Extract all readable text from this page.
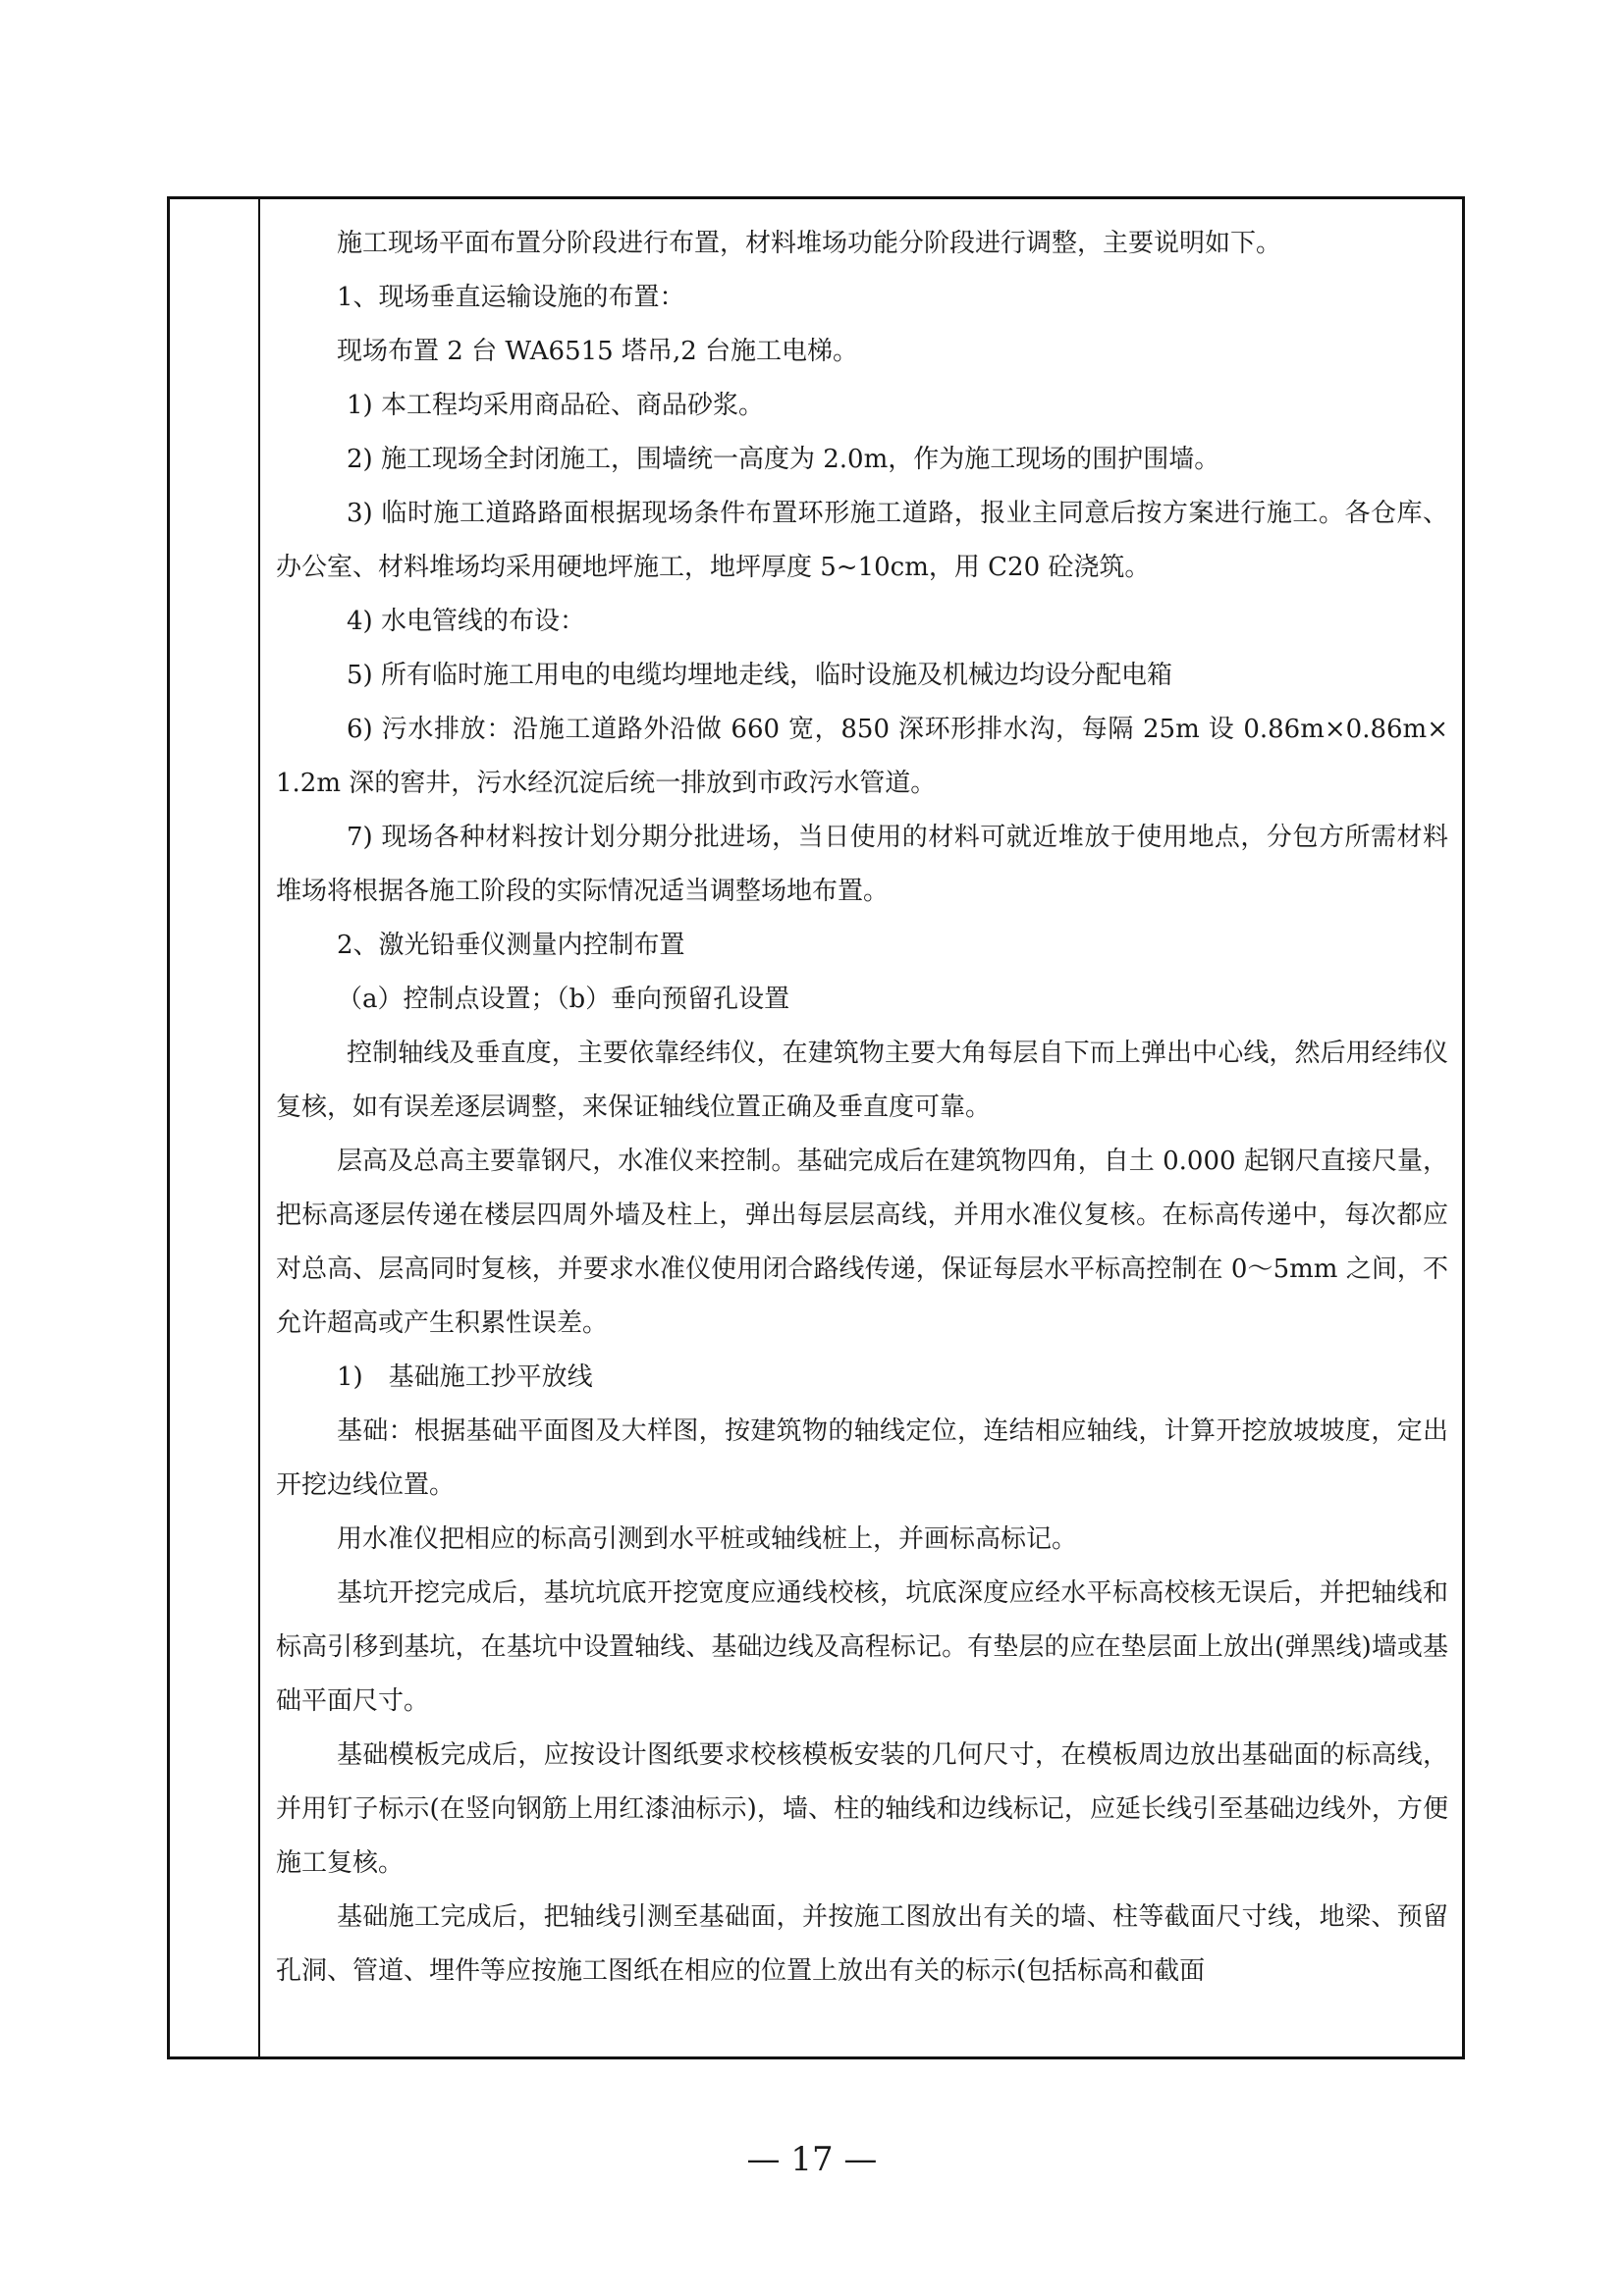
施工现场平面布置分阶段进行布置，材料堆场功能分阶段进行调整，主要说明如下。

1、现场垂直运输设施的布置：

现场布置 2 台 WA6515 塔吊,2 台施工电梯。

1) 本工程均采用商品砼、商品砂浆。

2) 施工现场全封闭施工，围墙统一高度为 2.0m，作为施工现场的围护围墙。

3) 临时施工道路路面根据现场条件布置环形施工道路，报业主同意后按方案进行施工。各仓库、办公室、材料堆场均采用硬地坪施工，地坪厚度 5~10cm，用 C20 砼浇筑。

4) 水电管线的布设：

5) 所有临时施工用电的电缆均埋地走线，临时设施及机械边均设分配电箱

6) 污水排放：沿施工道路外沿做 660 宽，850 深环形排水沟，每隔 25m 设 0.86m×0.86m×1.2m 深的窖井，污水经沉淀后统一排放到市政污水管道。

7) 现场各种材料按计划分期分批进场，当日使用的材料可就近堆放于使用地点，分包方所需材料堆场将根据各施工阶段的实际情况适当调整场地布置。

2、激光铅垂仪测量内控制布置

（a）控制点设置；（b）垂向预留孔设置

控制轴线及垂直度，主要依靠经纬仪，在建筑物主要大角每层自下而上弹出中心线，然后用经纬仪复核，如有误差逐层调整，来保证轴线位置正确及垂直度可靠。

层高及总高主要靠钢尺，水准仪来控制。基础完成后在建筑物四角，自土 0.000 起钢尺直接尺量，把标高逐层传递在楼层四周外墙及柱上，弹出每层层高线，并用水准仪复核。在标高传递中，每次都应对总高、层高同时复核，并要求水准仪使用闭合路线传递，保证每层水平标高控制在 0～5mm 之间，不允许超高或产生积累性误差。

1)　基础施工抄平放线

基础：根据基础平面图及大样图，按建筑物的轴线定位，连结相应轴线，计算开挖放坡坡度，定出开挖边线位置。

用水准仪把相应的标高引测到水平桩或轴线桩上，并画标高标记。

基坑开挖完成后，基坑坑底开挖宽度应通线校核，坑底深度应经水平标高校核无误后，并把轴线和标高引移到基坑，在基坑中设置轴线、基础边线及高程标记。有垫层的应在垫层面上放出(弹黑线)墙或基础平面尺寸。

基础模板完成后，应按设计图纸要求校核模板安装的几何尺寸，在模板周边放出基础面的标高线，并用钉子标示(在竖向钢筋上用红漆油标示)，墙、柱的轴线和边线标记，应延长线引至基础边线外，方便施工复核。

基础施工完成后，把轴线引测至基础面，并按施工图放出有关的墙、柱等截面尺寸线，地梁、预留孔洞、管道、埋件等应按施工图纸在相应的位置上放出有关的标示(包括标高和截面

— 17 —
